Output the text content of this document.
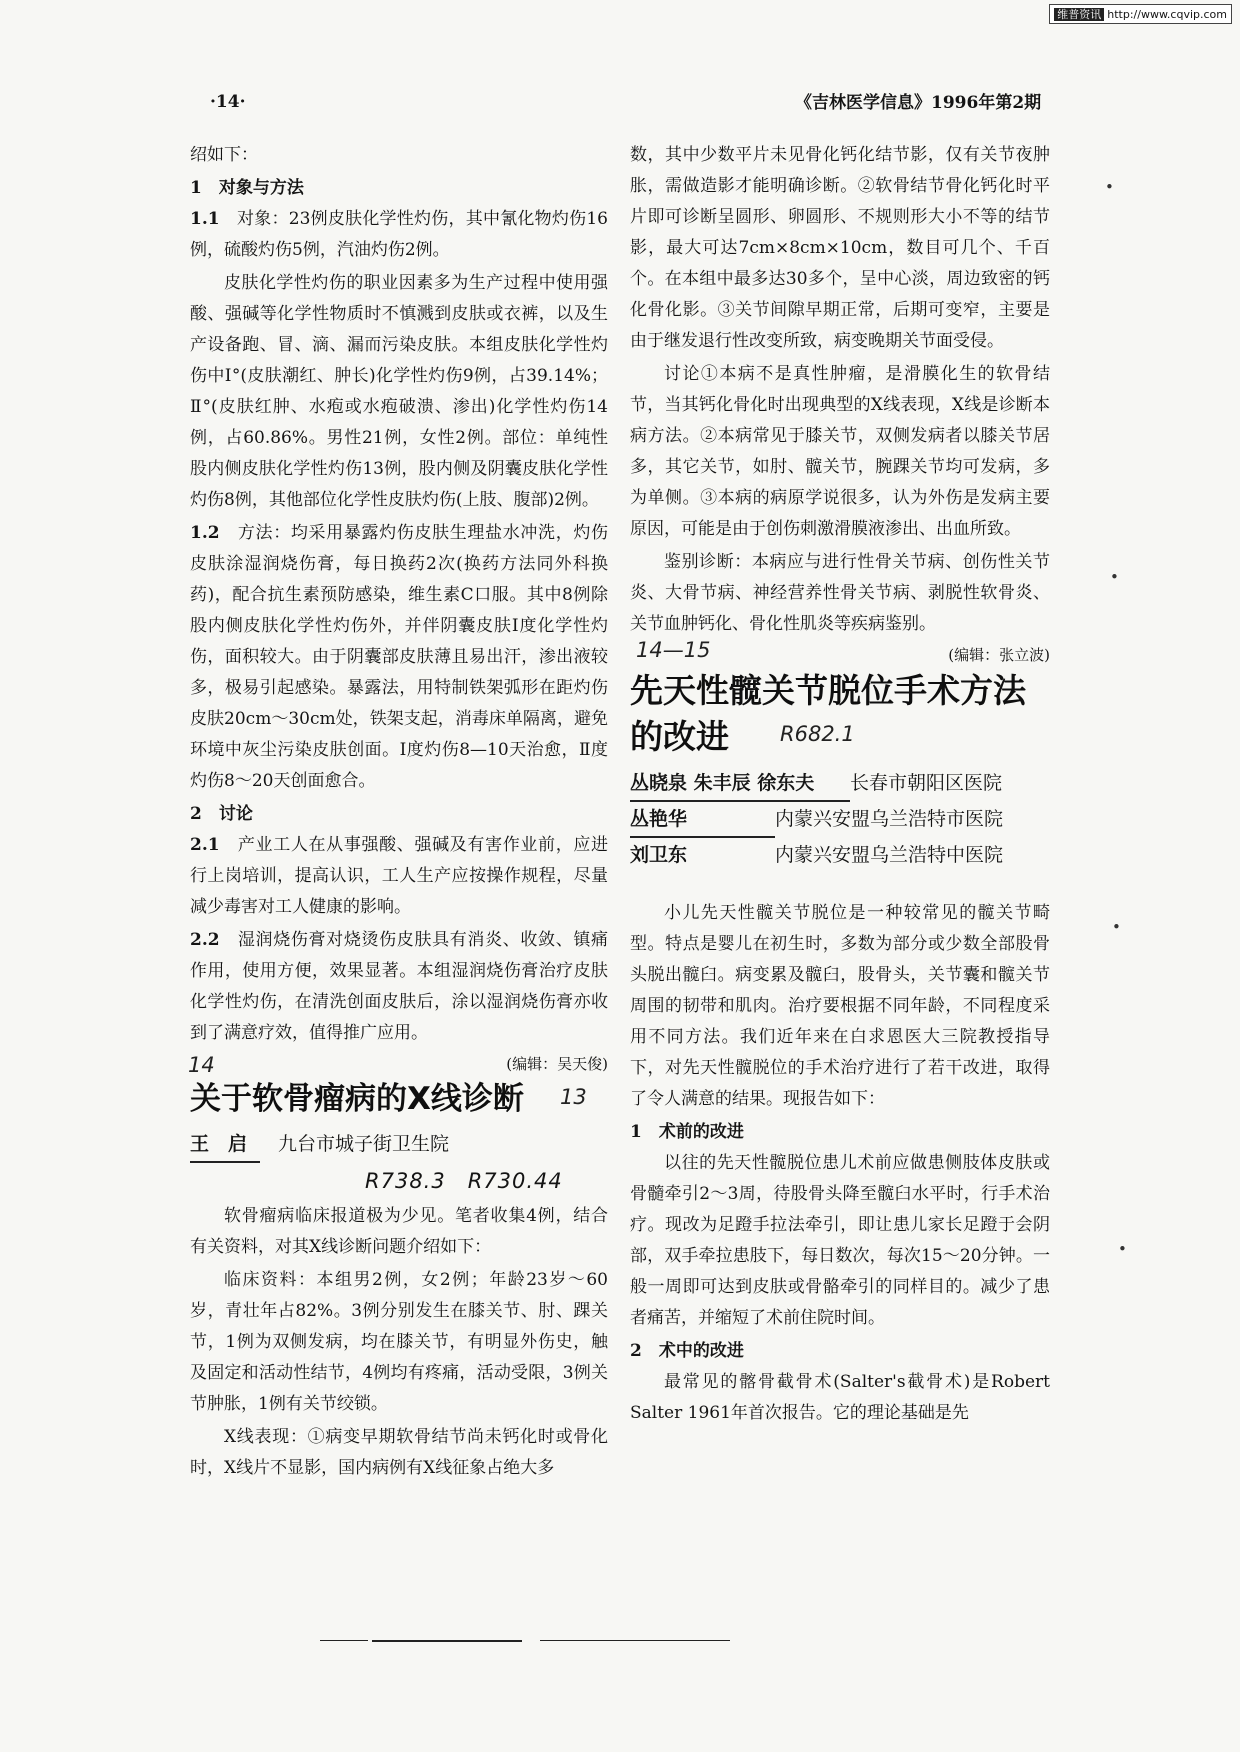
维普资讯 http://www.cqvip.com
·14·	《吉林医学信息》1996年第2期

绍如下：

1　对象与方法

1.1　 对象：23例皮肤化学性灼伤，其中氰化物灼伤16例，硫酸灼伤5例，汽油灼伤2例。

皮肤化学性灼伤的职业因素多为生产过程中使用强酸、强碱等化学性物质时不慎溅到皮肤或衣裤，以及生产设备跑、冒、滴、漏而污染皮肤。本组皮肤化学性灼伤中Ⅰ°(皮肤潮红、肿长)化学性灼伤9例，占39.14%；Ⅱ°(皮肤红肿、水疱或水疱破溃、渗出)化学性灼伤14例，占60.86%。男性21例，女性2例。部位：单纯性股内侧皮肤化学性灼伤13例，股内侧及阴囊皮肤化学性灼伤8例，其他部位化学性皮肤灼伤(上肢、腹部)2例。

1.2　 方法：均采用暴露灼伤皮肤生理盐水冲洗，灼伤皮肤涂湿润烧伤膏，每日换药2次(换药方法同外科换药)，配合抗生素预防感染，维生素C口服。其中8例除股内侧皮肤化学性灼伤外，并伴阴囊皮肤Ⅰ度化学性灼伤，面积较大。由于阴囊部皮肤薄且易出汗，渗出液较多，极易引起感染。暴露法，用特制铁架弧形在距灼伤皮肤20cm～30cm处，铁架支起，消毒床单隔离，避免环境中灰尘污染皮肤创面。Ⅰ度灼伤8—10天治愈，Ⅱ度灼伤8～20天创面愈合。

2　讨论

2.1　 产业工人在从事强酸、强碱及有害作业前，应进行上岗培训，提高认识，工人生产应按操作规程，尽量减少毒害对工人健康的影响。

2.2　 湿润烧伤膏对烧烫伤皮肤具有消炎、收敛、镇痛作用，使用方便，效果显著。本组湿润烧伤膏治疗皮肤化学性灼伤，在清洗创面皮肤后，涂以湿润烧伤膏亦收到了满意疗效，值得推广应用。

(编辑：吴天俊)

14
关于软骨瘤病的X线诊断	13
王　启	九台市城子街卫生院
R738.3　R730.44

软骨瘤病临床报道极为少见。笔者收集4例，结合有关资料，对其X线诊断问题介绍如下：

临床资料：本组男2例，女2例；年龄23岁～60岁，青壮年占82%。3例分别发生在膝关节、肘、踝关节，1例为双侧发病，均在膝关节，有明显外伤史，触及固定和活动性结节，4例均有疼痛，活动受限，3例关节肿胀，1例有关节绞锁。

X线表现：①病变早期软骨结节尚未钙化时或骨化时，X线片不显影，国内病例有X线征象占绝大多

数，其中少数平片未见骨化钙化结节影，仅有关节夜肿胀，需做造影才能明确诊断。②软骨结节骨化钙化时平片即可诊断呈圆形、卵圆形、不规则形大小不等的结节影，最大可达7cm×8cm×10cm，数目可几个、千百个。在本组中最多达30多个，呈中心淡，周边致密的钙化骨化影。③关节间隙早期正常，后期可变窄，主要是由于继发退行性改变所致，病变晚期关节面受侵。

讨论①本病不是真性肿瘤，是滑膜化生的软骨结节，当其钙化骨化时出现典型的X线表现，X线是诊断本病方法。②本病常见于膝关节，双侧发病者以膝关节居多，其它关节，如肘、髋关节，腕踝关节均可发病，多为单侧。③本病的病原学说很多，认为外伤是发病主要原因，可能是由于创伤刺激滑膜液渗出、出血所致。

鉴别诊断：本病应与进行性骨关节病、创伤性关节炎、大骨节病、神经营养性骨关节病、剥脱性软骨炎、关节血肿钙化、骨化性肌炎等疾病鉴别。

14—15	(编辑：张立波)

先天性髋关节脱位手术方法
的改进	R682.1
丛晓泉 朱丰辰 徐东夫	长春市朝阳区医院
丛艳华	内蒙兴安盟乌兰浩特市医院
刘卫东	内蒙兴安盟乌兰浩特中医院

小儿先天性髋关节脱位是一种较常见的髋关节畸型。特点是婴儿在初生时，多数为部分或少数全部股骨头脱出髋臼。病变累及髋臼，股骨头，关节囊和髋关节周围的韧带和肌肉。治疗要根据不同年龄，不同程度采用不同方法。我们近年来在白求恩医大三院教授指导下，对先天性髋脱位的手术治疗进行了若干改进，取得了令人满意的结果。现报告如下：

1　术前的改进

以往的先天性髋脱位患儿术前应做患侧肢体皮肤或骨髓牵引2～3周，待股骨头降至髋臼水平时，行手术治疗。现改为足蹬手拉法牵引，即让患儿家长足蹬于会阴部，双手牵拉患肢下，每日数次，每次15～20分钟。一般一周即可达到皮肤或骨骼牵引的同样目的。减少了患者痛苦，并缩短了术前住院时间。

2　术中的改进

最常见的髂骨截骨术(Salter's截骨术)是Robert Salter 1961年首次报告。它的理论基础是先

•
•
•
•
